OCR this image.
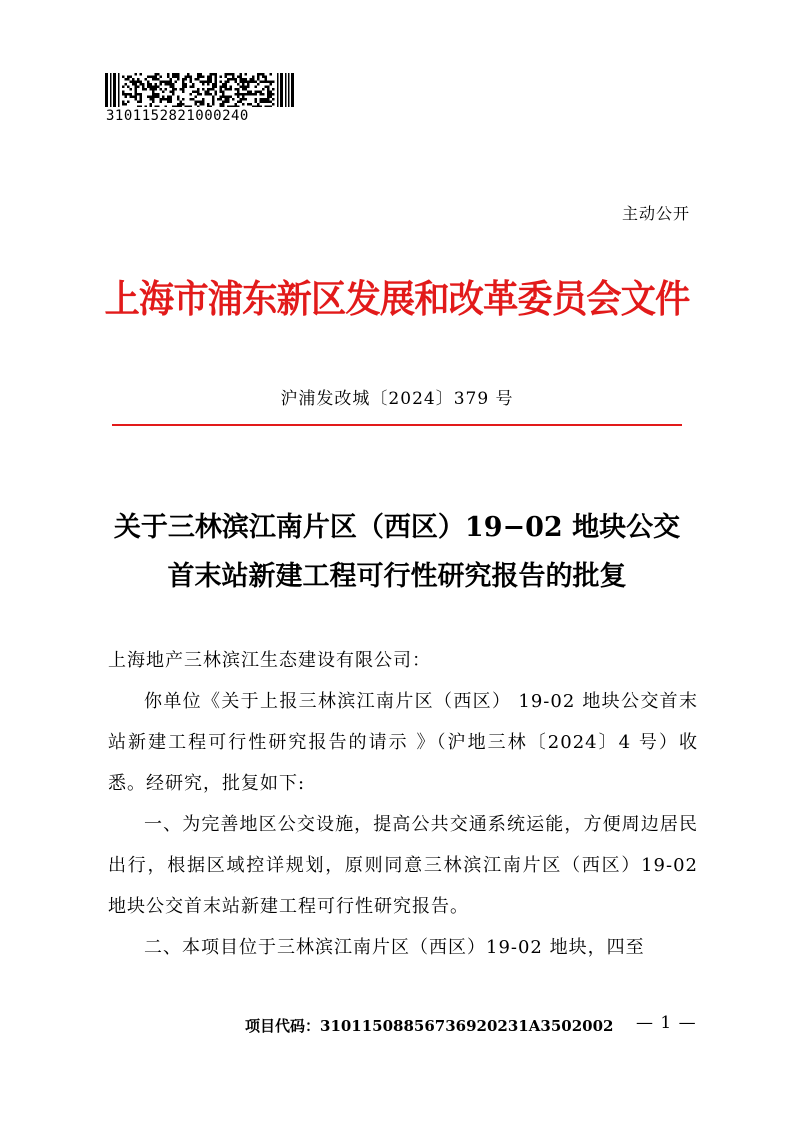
3101152821000240
主动公开
上海市浦东新区发展和改革委员会文件
沪浦发改城〔2024〕379 号
关于三林滨江南片区（西区）19−02 地块公交
首末站新建工程可行性研究报告的批复

上海地产三林滨江生态建设有限公司：

你单位《关于上报三林滨江南片区（西区） 19-02 地块公交首末站新建工程可行性研究报告的请示 》（沪地三林〔2024〕4 号）收悉。经研究，批复如下:

一、为完善地区公交设施，提高公共交通系统运能，方便周边居民出行，根据区域控详规划，原则同意三林滨江南片区（西区）19-02 地块公交首末站新建工程可行性研究报告。

二、本项目位于三林滨江南片区（西区）19-02 地块，四至

项目代码：31011508856736920231A3502002 — 1 —
